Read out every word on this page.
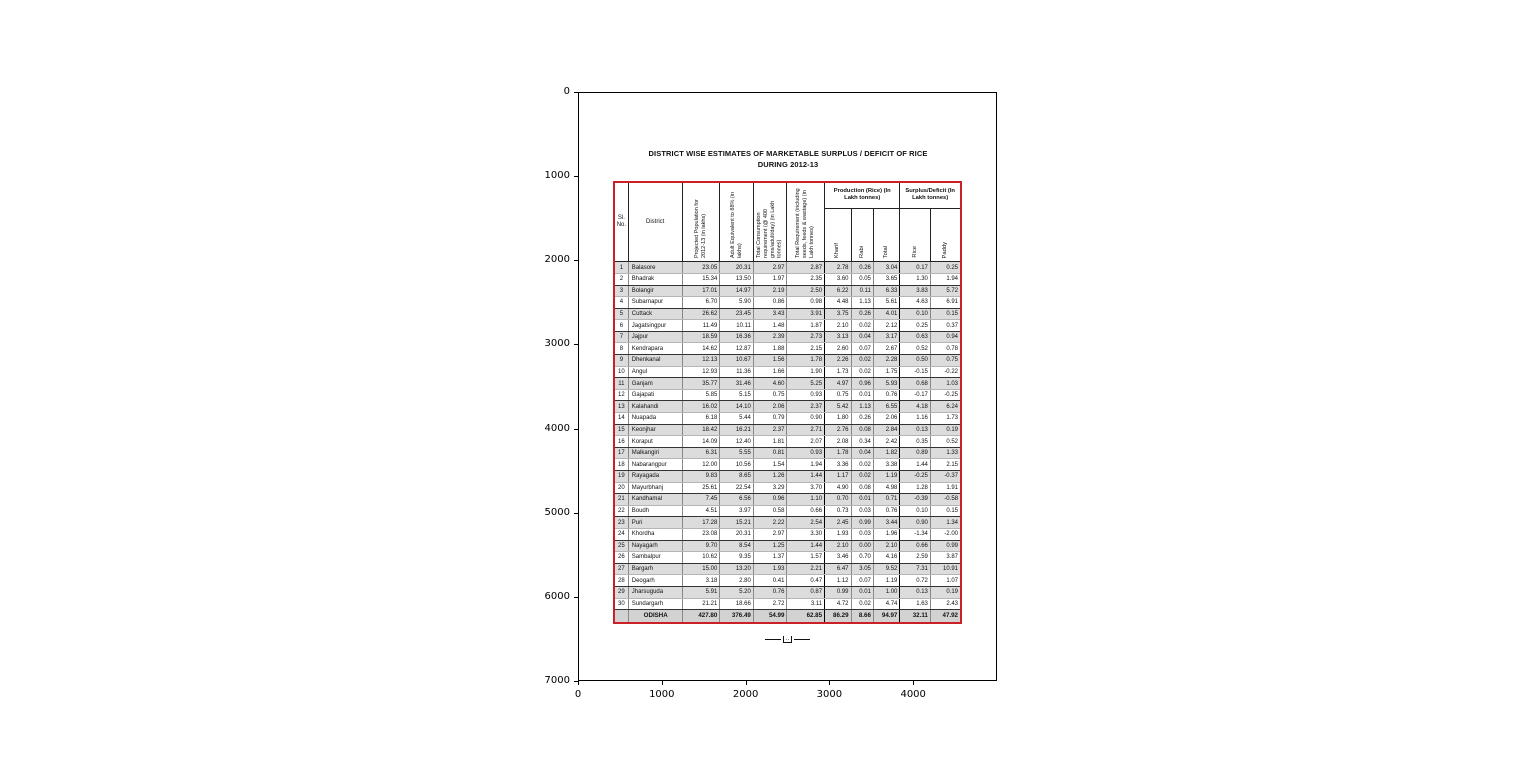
DISTRICT WISE ESTIMATES OF MARKETABLE SURPLUS / DEFICIT OF RICE
DURING 2012-13
Sl. No.	District	Projected Population for 2012-13 (in lakhs)	Adult Equivalent to 88% (in lakhs)	Total Consumption requirement (@ 400 gms/adult/day) (in Lakh tonnes)	Total Requirement (including seeds, feeds & wastage) (in Lakh tonnes)	Production (Rice) (In Lakh tonnes)			Surplus/Deficit (In Lakh tonnes)	
						Kharif	Rabi	Total	Rice	Paddy
1	Balasore	23.05	20.31	2.97	2.87	2.78	0.26	3.04	0.17	0.25
2	Bhadrak	15.34	13.50	1.97	2.35	3.60	0.05	3.65	1.30	1.94
3	Bolangir	17.01	14.97	2.19	2.50	6.22	0.11	6.33	3.83	5.72
4	Subarnapur	6.70	5.90	0.86	0.98	4.48	1.13	5.61	4.63	6.91
5	Cuttack	26.62	23.45	3.43	3.91	3.75	0.26	4.01	0.10	0.15
6	Jagatsingpur	11.49	10.11	1.48	1.87	2.10	0.02	2.12	0.25	0.37
7	Jajpur	18.59	16.36	2.39	2.73	3.13	0.04	3.17	0.63	0.94
8	Kendrapara	14.62	12.87	1.88	2.15	2.60	0.07	2.67	0.52	0.78
9	Dhenkanal	12.13	10.67	1.56	1.78	2.26	0.02	2.28	0.50	0.75
10	Angul	12.93	11.36	1.66	1.90	1.73	0.02	1.75	-0.15	-0.22
11	Ganjam	35.77	31.46	4.60	5.25	4.97	0.96	5.93	0.68	1.03
12	Gajapati	5.85	5.15	0.75	0.93	0.75	0.01	0.76	-0.17	-0.25
13	Kalahandi	16.02	14.10	2.06	2.37	5.42	1.13	6.55	4.18	6.24
14	Nuapada	6.18	5.44	0.79	0.90	1.80	0.26	2.06	1.16	1.73
15	Keonjhar	18.42	16.21	2.37	2.71	2.76	0.08	2.84	0.13	0.19
16	Koraput	14.09	12.40	1.81	2.07	2.08	0.34	2.42	0.35	0.52
17	Malkangiri	6.31	5.55	0.81	0.93	1.78	0.04	1.82	0.89	1.33
18	Nabarangpur	12.00	10.56	1.54	1.94	3.36	0.02	3.38	1.44	2.15
19	Rayagada	9.83	8.65	1.26	1.44	1.17	0.02	1.19	-0.25	-0.37
20	Mayurbhanj	25.61	22.54	3.29	3.70	4.90	0.08	4.98	1.28	1.91
21	Kandhamal	7.45	6.56	0.96	1.10	0.70	0.01	0.71	-0.39	-0.58
22	Boudh	4.51	3.97	0.58	0.66	0.73	0.03	0.76	0.10	0.15
23	Puri	17.28	15.21	2.22	2.54	2.45	0.99	3.44	0.90	1.34
24	Khordha	23.08	20.31	2.97	3.30	1.93	0.03	1.96	-1.34	-2.00
25	Nayagarh	9.70	8.54	1.25	1.44	2.10	0.00	2.10	0.66	0.99
26	Sambalpur	10.62	9.35	1.37	1.57	3.46	0.70	4.16	2.59	3.87
27	Bargarh	15.00	13.20	1.93	2.21	6.47	3.05	9.52	7.31	10.91
28	Deogarh	3.18	2.80	0.41	0.47	1.12	0.07	1.19	0.72	1.07
29	Jharsuguda	5.91	5.20	0.76	0.87	0.99	0.01	1.00	0.13	0.19
30	Sundargarh	21.21	18.66	2.72	3.11	4.72	0.02	4.74	1.63	2.43
	ODISHA	427.80	376.49	54.99	62.85	86.29	8.66	94.97	32.11	47.92
..
0
1000
2000
3000
4000
5000
6000
7000
0	1000	2000	3000	4000
